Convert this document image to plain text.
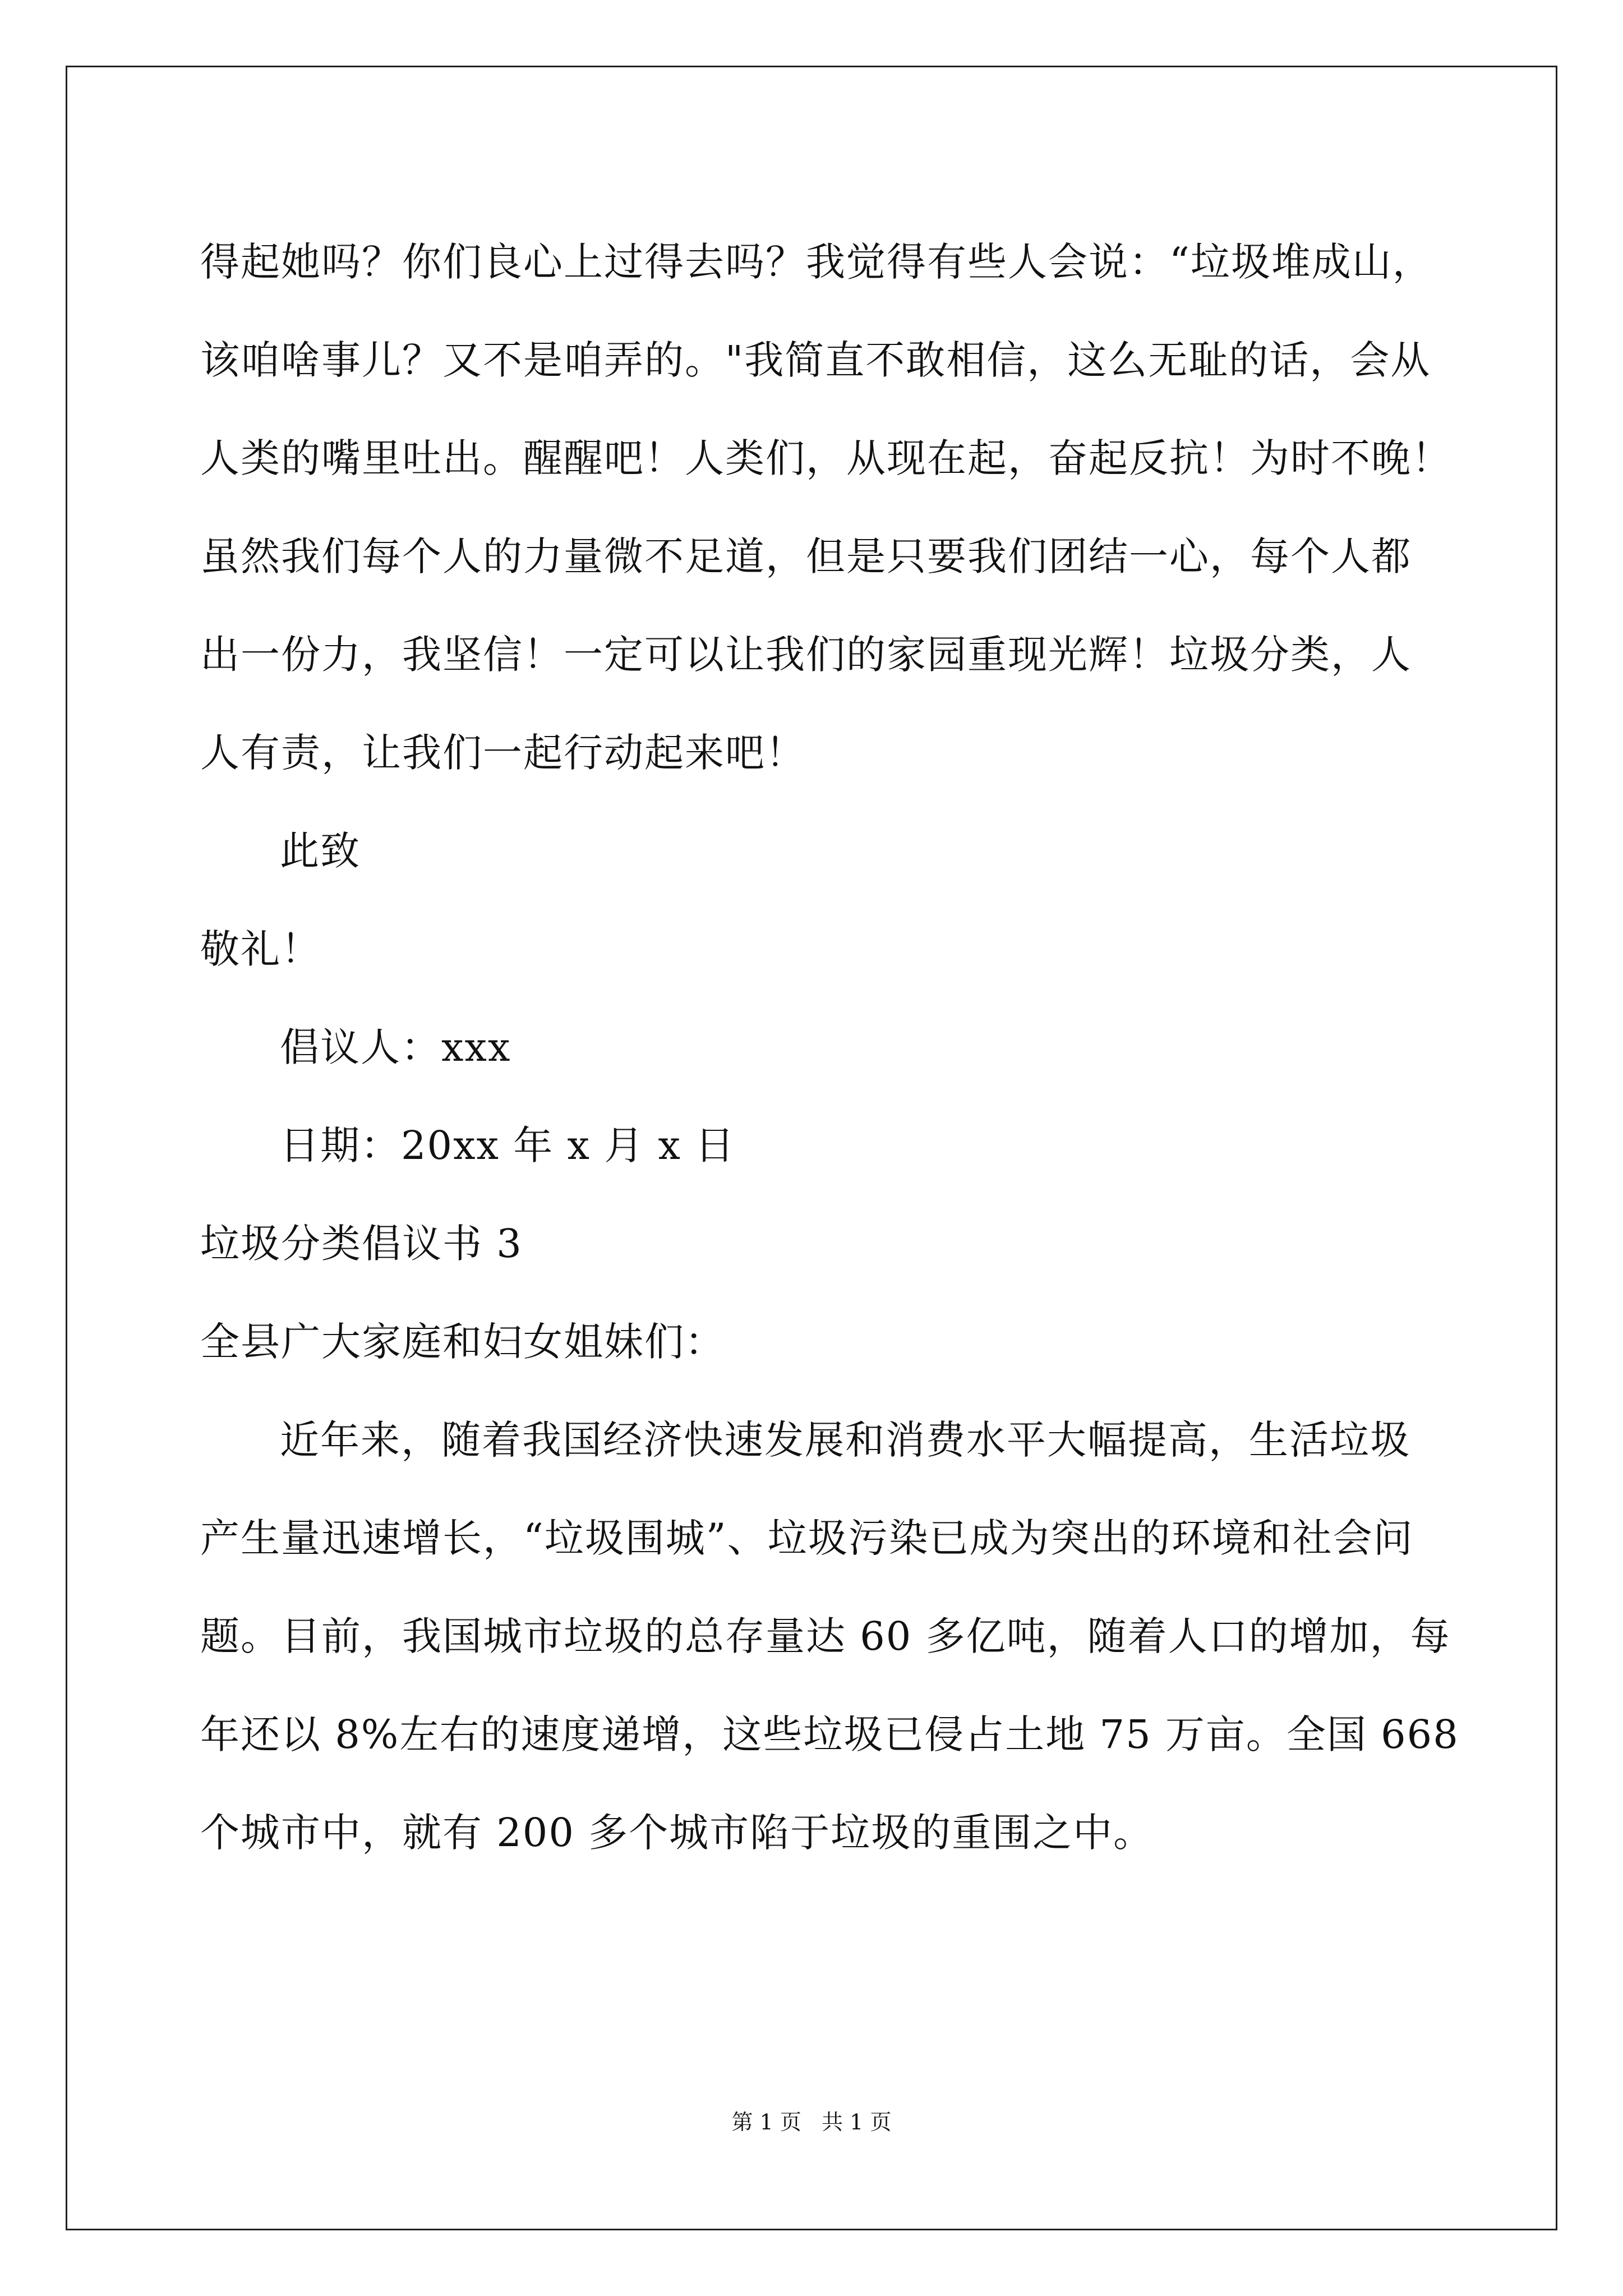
得起她吗？你们良心上过得去吗？我觉得有些人会说：“垃圾堆成山，
该咱啥事儿？又不是咱弄的。"我简直不敢相信，这么无耻的话，会从
人类的嘴里吐出。醒醒吧！人类们，从现在起，奋起反抗！为时不晚！
虽然我们每个人的力量微不足道，但是只要我们团结一心，每个人都
出一份力，我坚信！一定可以让我们的家园重现光辉！垃圾分类，人
人有责，让我们一起行动起来吧！
此致
敬礼！
倡议人：xxx
日期：20xx 年 x 月 x 日
垃圾分类倡议书 3
全县广大家庭和妇女姐妹们：
近年来，随着我国经济快速发展和消费水平大幅提高，生活垃圾
产生量迅速增长，“垃圾围城”、垃圾污染已成为突出的环境和社会问
题。目前，我国城市垃圾的总存量达 60 多亿吨，随着人口的增加，每
年还以 8%左右的速度递增，这些垃圾已侵占土地 75 万亩。全国 668
个城市中，就有 200 多个城市陷于垃圾的重围之中。
第 1 页   共 1 页
